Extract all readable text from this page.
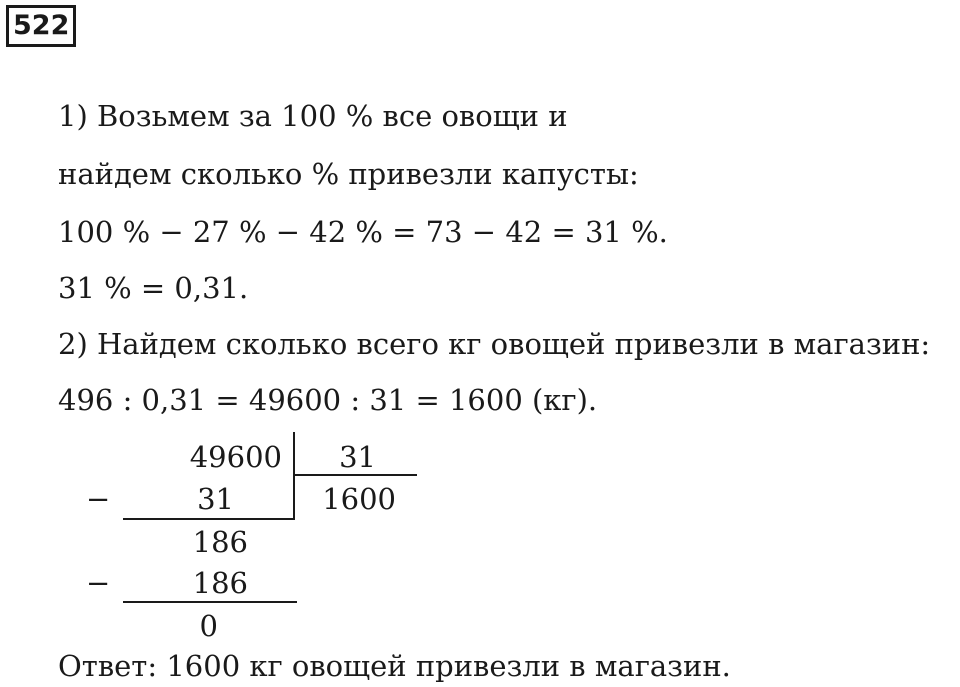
522
1) Возьмем за 100 % все овощи и
найдем сколько % привезли капусты:
100 % − 27 % − 42 % = 73 − 42 = 31 %.
31 % = 0,31.
2) Найдем сколько всего кг овощей привезли в магазин:
496 : 0,31 = 49600 : 31 = 1600 (кг).
49600	31
1600
−	31
186
−	186
0
Ответ: 1600 кг овощей привезли в магазин.
